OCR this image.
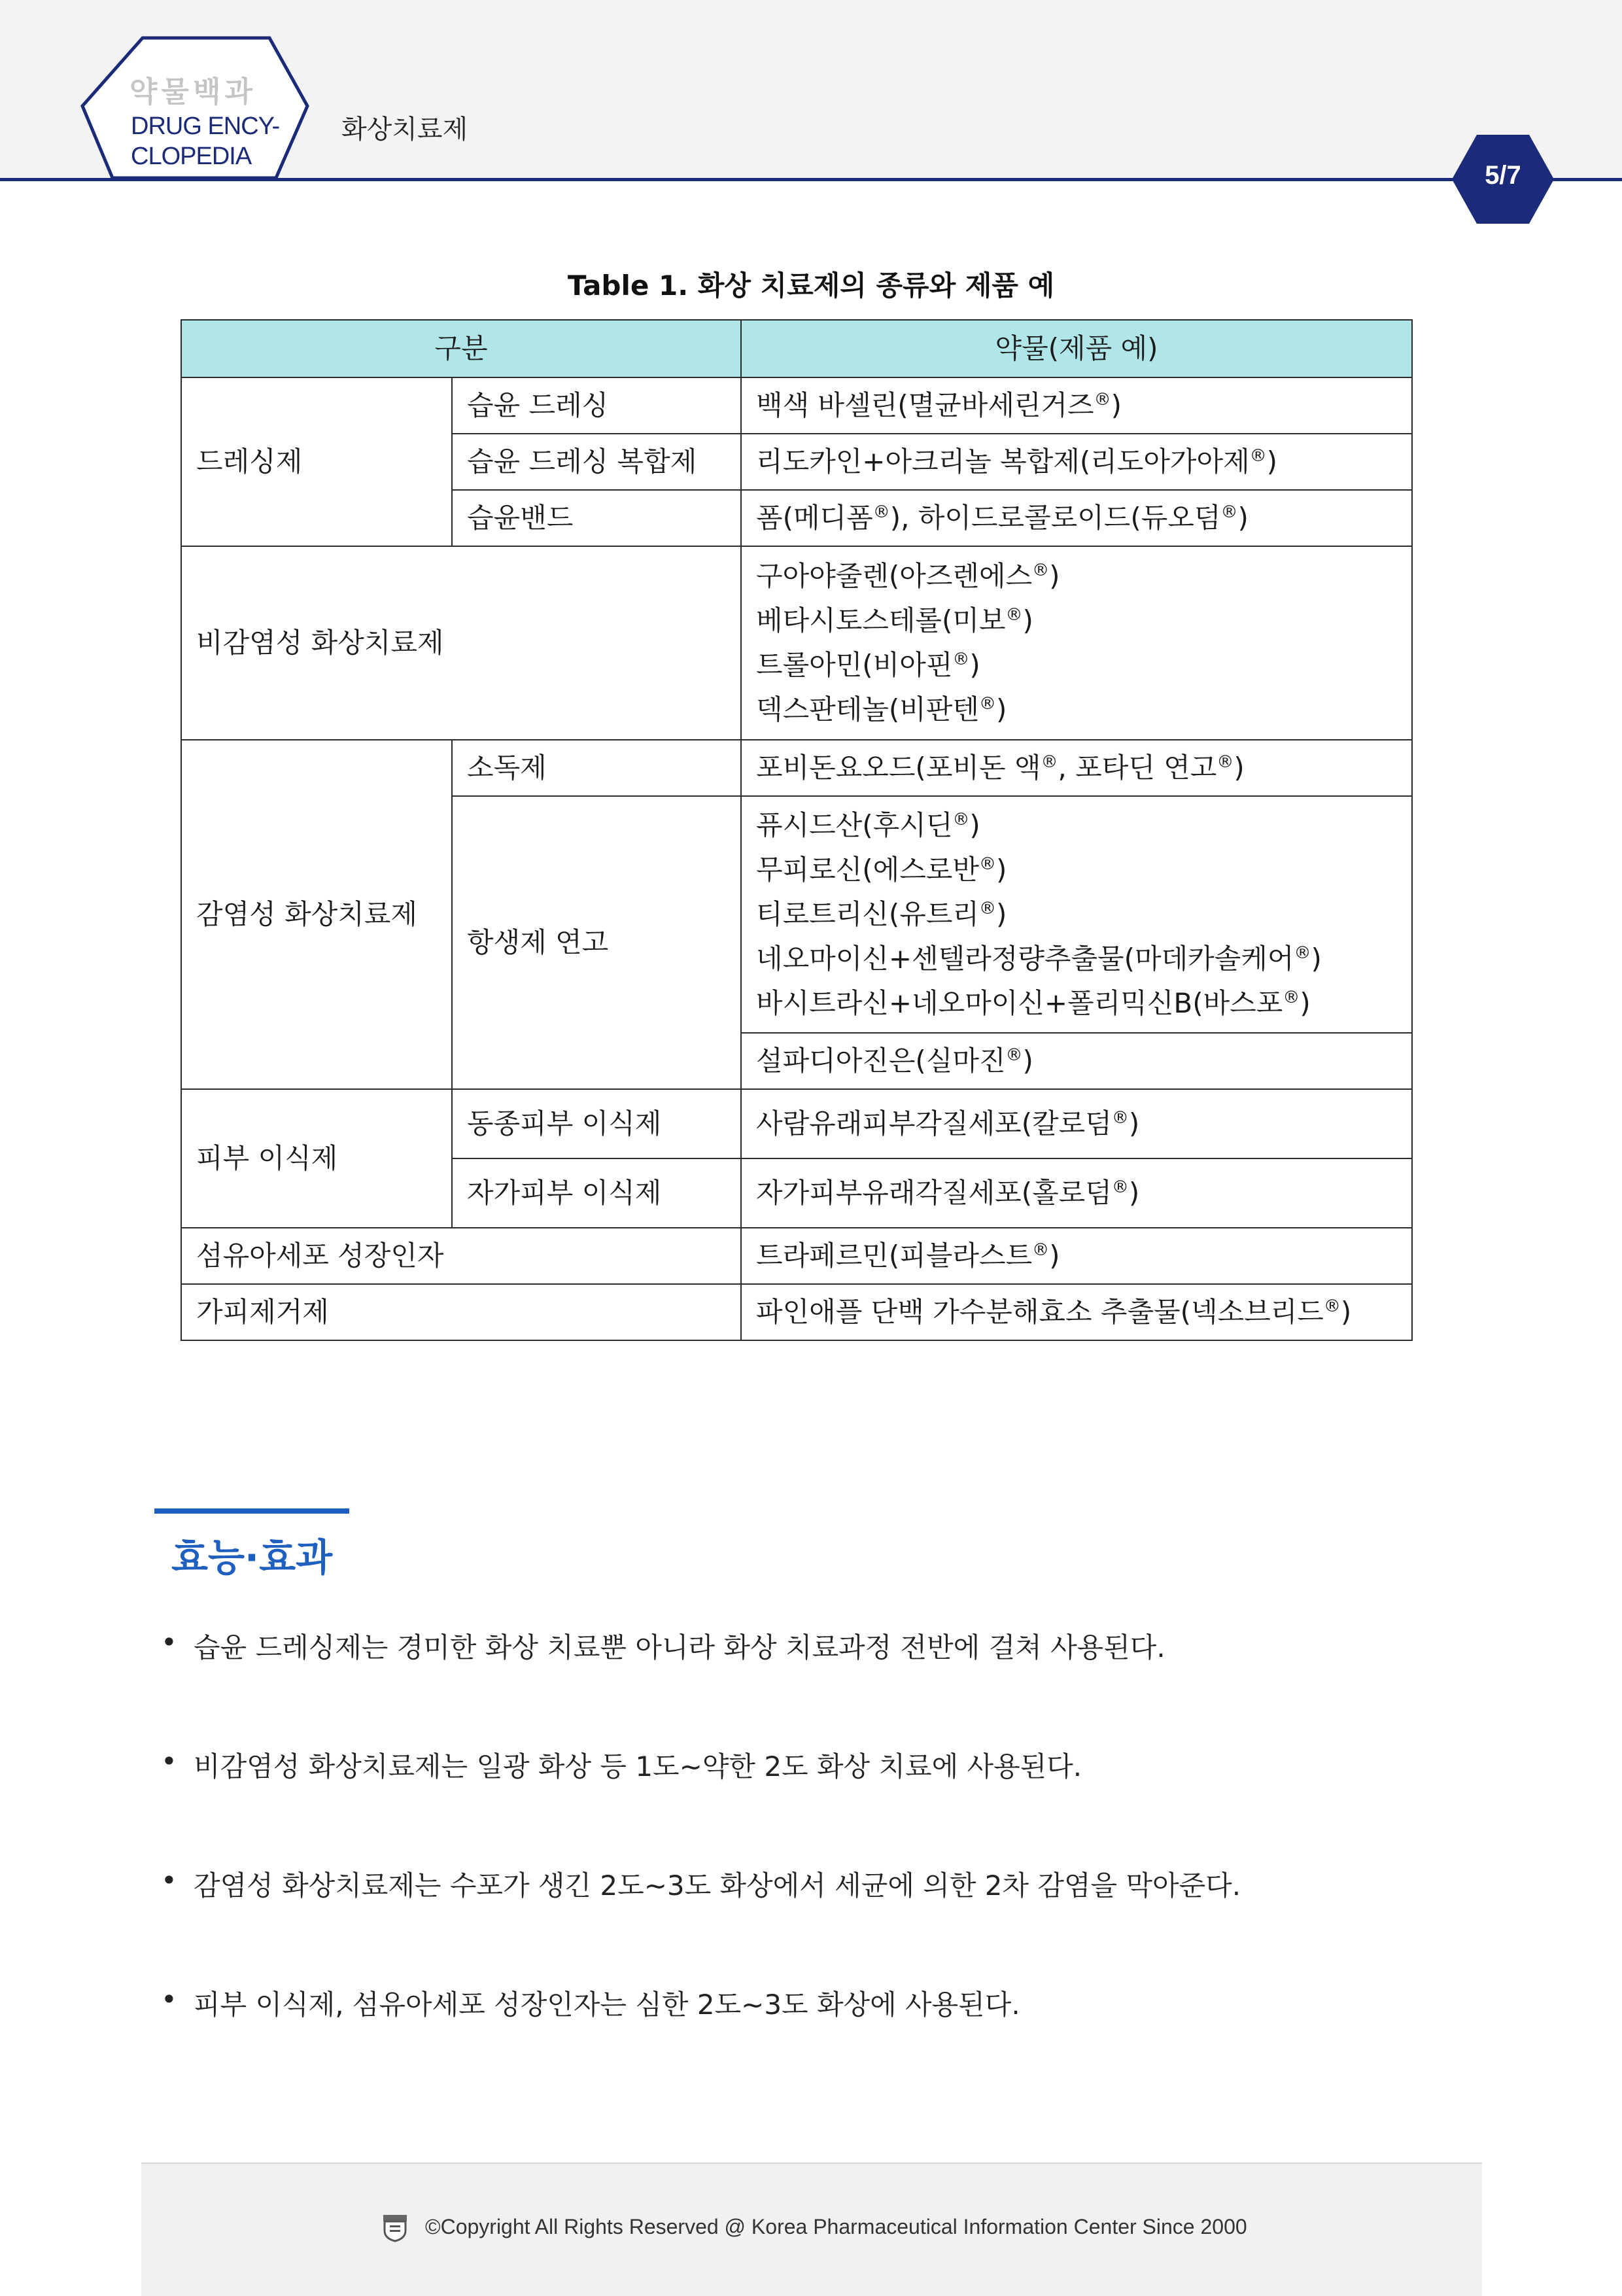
약물백과
DRUG ENCY-
CLOPEDIA
화상치료제
5/7
Table 1. 화상 치료제의 종류와 제품 예
구분		약물(제품 예)
드레싱제	습윤 드레싱	백색 바셀린(멸균바세린거즈®)
	습윤 드레싱 복합제	리도카인+아크리놀 복합제(리도아가아제®)
	습윤밴드	폼(메디폼®), 하이드로콜로이드(듀오덤®)
비감염성 화상치료제		구아야줄렌(아즈렌에스®)
베타시토스테롤(미보®)
트롤아민(비아핀®)
덱스판테놀(비판텐®)

감염성 화상치료제	소독제	포비돈요오드(포비돈 액®, 포타딘 연고®)
	항생제 연고	퓨시드산(후시딘®)
무피로신(에스로반®)
티로트리신(유트리®)
네오마이신+센텔라정량추출물(마데카솔케어®)
바시트라신+네오마이신+폴리믹신B(바스포®)

		설파디아진은(실마진®)
피부 이식제	동종피부 이식제	사람유래피부각질세포(칼로덤®)
	자가피부 이식제	자가피부유래각질세포(홀로덤®)
섬유아세포 성장인자		트라페르민(피블라스트®)
가피제거제		파인애플 단백 가수분해효소 추출물(넥소브리드®)
효능·효과
• 습윤 드레싱제는 경미한 화상 치료뿐 아니라 화상 치료과정 전반에 걸쳐 사용된다.
• 비감염성 화상치료제는 일광 화상 등 1도~약한 2도 화상 치료에 사용된다.
• 감염성 화상치료제는 수포가 생긴 2도~3도 화상에서 세균에 의한 2차 감염을 막아준다.
• 피부 이식제, 섬유아세포 성장인자는 심한 2도~3도 화상에 사용된다.
©Copyright All Rights Reserved @ Korea Pharmaceutical Information Center Since 2000
